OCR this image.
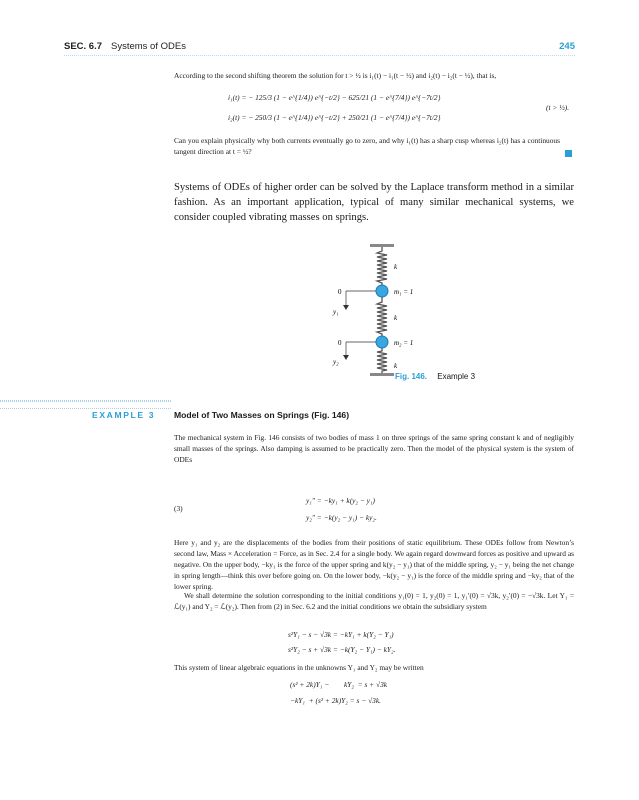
SEC. 6.7 Systems of ODEs	245
According to the second shifting theorem the solution for t > ½ is i₁(t) − i₁(t − ½) and i₂(t) − i₂(t − ½), that is,
i₁(t) = − 125/3 (1 − e^{1/4}) e^{−t/2} − 625/21 (1 − e^{7/4}) e^{−7t/2}
(t > ½).
i₂(t) = − 250/3 (1 − e^{1/4}) e^{−t/2} + 250/21 (1 − e^{7/4}) e^{−7t/2}
Can you explain physically why both currents eventually go to zero, and why i₁(t) has a sharp cusp whereas i₂(t) has a continuous tangent direction at t = ½?
Systems of ODEs of higher order can be solved by the Laplace transform method in a similar fashion. As an important application, typical of many similar mechanical systems, we consider coupled vibrating masses on springs.
k
k
k
m₁ = 1
m₂ = 1
0
0
y₁
y₂
Fig. 146. Example 3
EXAMPLE 3 Model of Two Masses on Springs (Fig. 146)
The mechanical system in Fig. 146 consists of two bodies of mass 1 on three springs of the same spring constant k and of negligibly small masses of the springs. Also damping is assumed to be practically zero. Then the model of the physical system is the system of ODEs
(3)
y₁″ = −ky₁ + k(y₂ − y₁)
y₂″ = −k(y₂ − y₁) − ky₂.
Here y₁ and y₂ are the displacements of the bodies from their positions of static equilibrium. These ODEs follow from Newton’s second law, Mass × Acceleration = Force, as in Sec. 2.4 for a single body. We again regard downward forces as positive and upward as negative. On the upper body, −ky₁ is the force of the upper spring and k(y₂ − y₁) that of the middle spring, y₂ − y₁ being the net change in spring length—think this over before going on. On the lower body, −k(y₂ − y₁) is the force of the middle spring and −ky₂ that of the lower spring.
We shall determine the solution corresponding to the initial conditions y₁(0) = 1, y₂(0) = 1, y₁′(0) = √3k, y₂′(0) = −√3k. Let Y₁ = ℒ(y₁) and Y₂ = ℒ(y₂). Then from (2) in Sec. 6.2 and the initial conditions we obtain the subsidiary system
s²Y₁ − s − √3k = −kY₁ + k(Y₂ − Y₁)
s²Y₂ − s + √3k = −k(Y₂ − Y₁) − kY₂.
This system of linear algebraic equations in the unknowns Y₁ and Y₂ may be written
(s² + 2k)Y₁ −        kY₂  = s + √3k
−kY₁  + (s² + 2k)Y₂ = s − √3k.
